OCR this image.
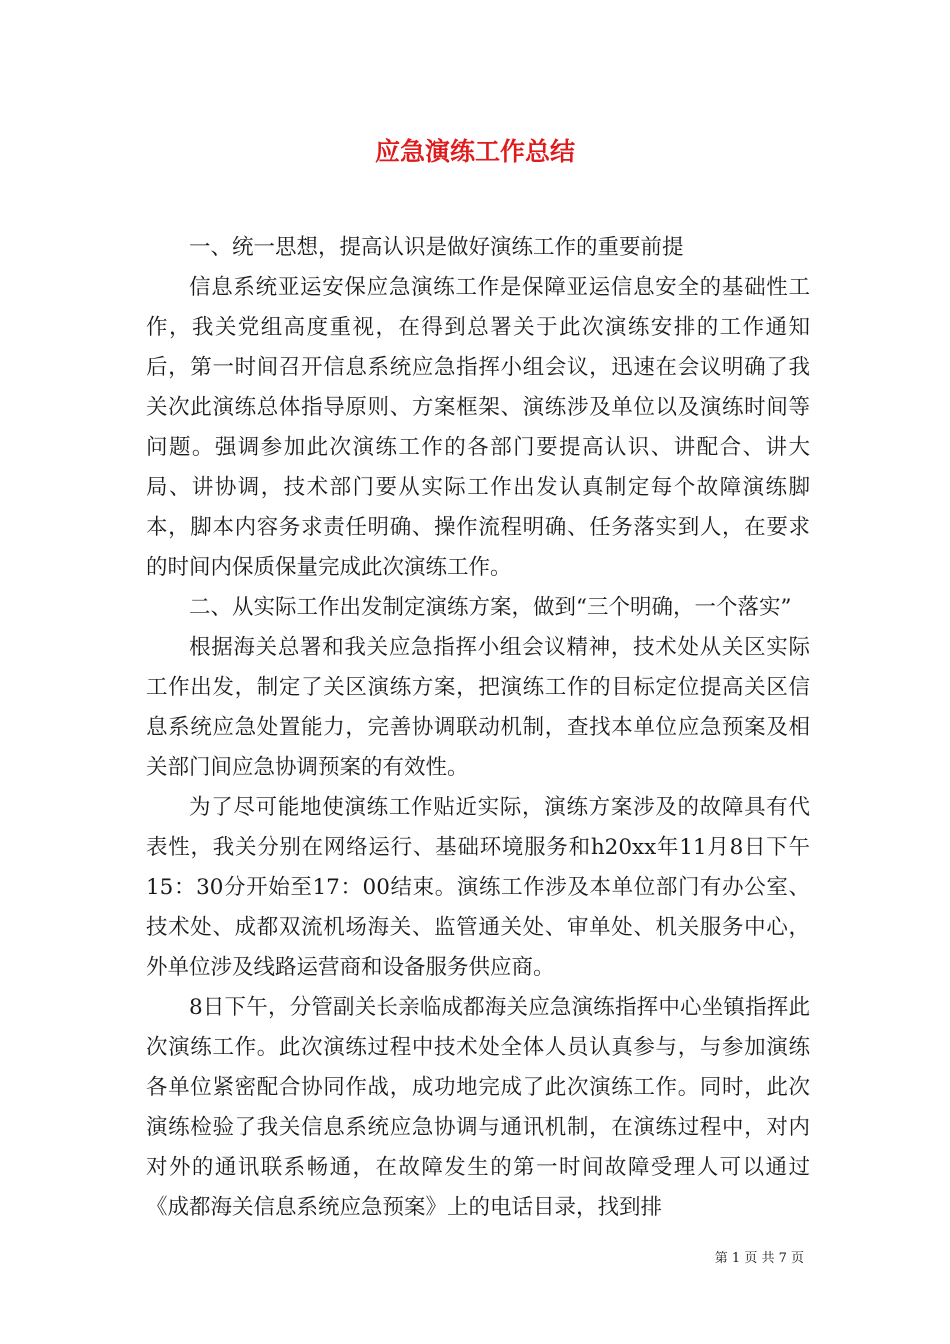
应急演练工作总结

一、统一思想，提高认识是做好演练工作的重要前提

信息系统亚运安保应急演练工作是保障亚运信息安全的基础性工作，我关党组高度重视，在得到总署关于此次演练安排的工作通知后，第一时间召开信息系统应急指挥小组会议，迅速在会议明确了我关次此演练总体指导原则、方案框架、演练涉及单位以及演练时间等问题。强调参加此次演练工作的各部门要提高认识、讲配合、讲大局、讲协调，技术部门要从实际工作出发认真制定每个故障演练脚本，脚本内容务求责任明确、操作流程明确、任务落实到人，在要求的时间内保质保量完成此次演练工作。

二、从实际工作出发制定演练方案，做到“三个明确，一个落实”

根据海关总署和我关应急指挥小组会议精神，技术处从关区实际工作出发，制定了关区演练方案，把演练工作的目标定位提高关区信息系统应急处置能力，完善协调联动机制，查找本单位应急预案及相关部门间应急协调预案的有效性。

为了尽可能地使演练工作贴近实际，演练方案涉及的故障具有代表性，我关分别在网络运行、基础环境服务和h20xx年11月8日下午15：30分开始至17：00结束。演练工作涉及本单位部门有办公室、技术处、成都双流机场海关、监管通关处、审单处、机关服务中心，外单位涉及线路运营商和设备服务供应商。

8日下午，分管副关长亲临成都海关应急演练指挥中心坐镇指挥此次演练工作。此次演练过程中技术处全体人员认真参与，与参加演练各单位紧密配合协同作战，成功地完成了此次演练工作。同时，此次演练检验了我关信息系统应急协调与通讯机制，在演练过程中，对内对外的通讯联系畅通，在故障发生的第一时间故障受理人可以通过《成都海关信息系统应急预案》上的电话目录，找到排

第 1 页 共 7 页
